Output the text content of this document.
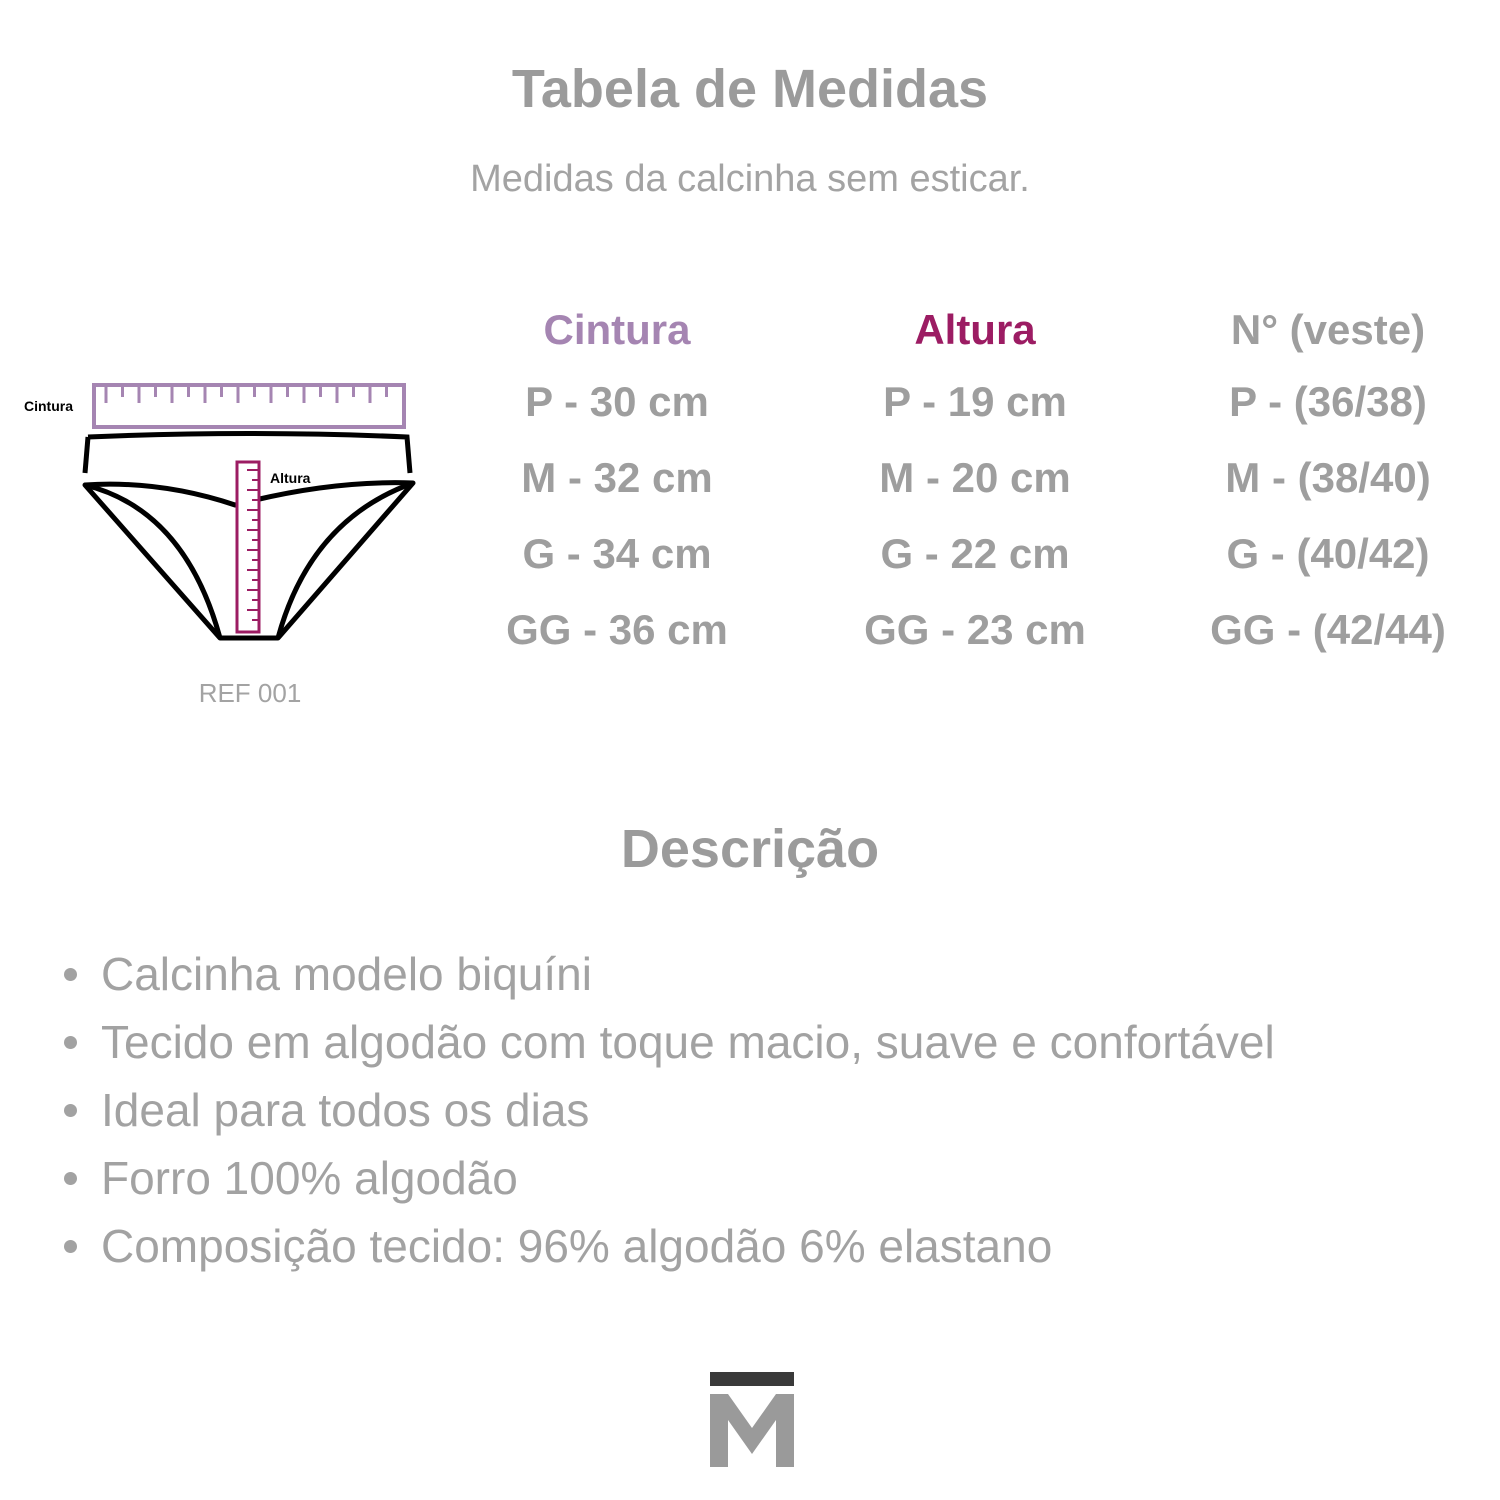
Tabela de Medidas
Medidas da calcinha sem esticar.
Cintura
Altura
REF 001
Cintura
P - 30 cm
M - 32 cm
G - 34 cm
GG - 36 cm
Altura
P - 19 cm
M - 20 cm
G - 22 cm
GG - 23 cm
N° (veste)
P - (36/38)
M - (38/40)
G - (40/42)
GG - (42/44)
Descrição
Calcinha modelo biquíni
Tecido em algodão com toque macio, suave e confortável
Ideal para todos os dias
Forro 100% algodão
Composição tecido: 96% algodão 6% elastano
